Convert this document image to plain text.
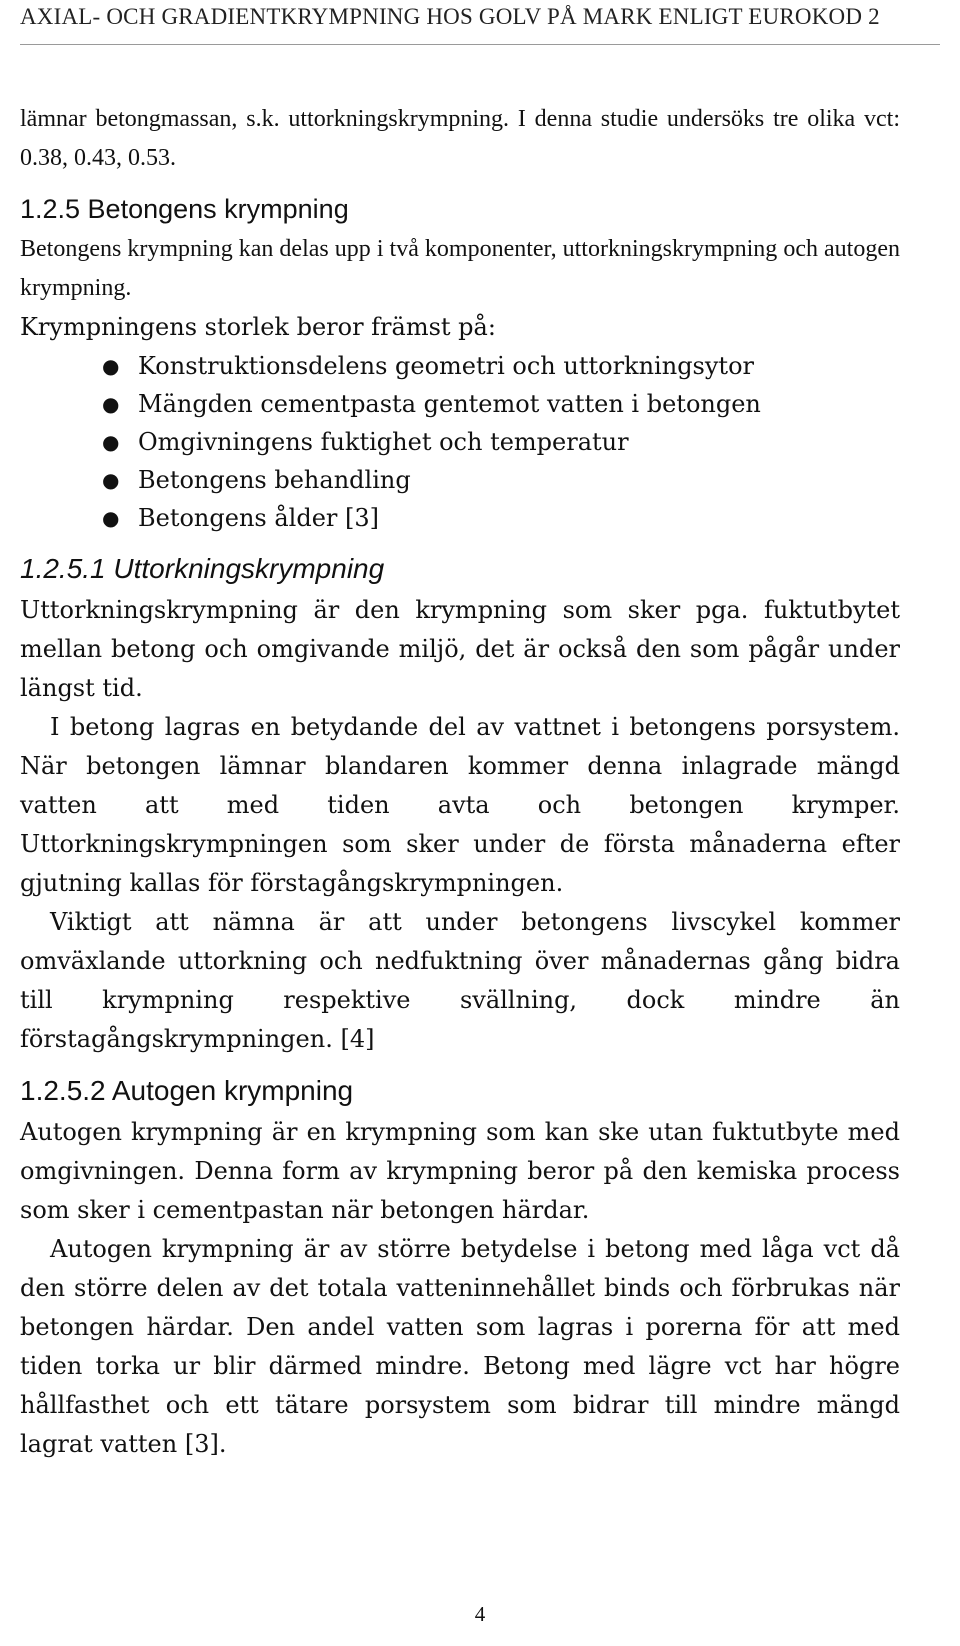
AXIAL- OCH GRADIENTKRYMPNING HOS GOLV PÅ MARK ENLIGT EUROKOD 2

lämnar betongmassan, s.k. uttorkningskrympning. I denna studie undersöks tre olika vct: 0.38, 0.43, 0.53.

1.2.5 Betongens krympning

Betongens krympning kan delas upp i två komponenter, uttorkningskrympning och autogen krympning.

Krympningens storlek beror främst på:

● Konstruktionsdelens geometri och uttorkningsytor
● Mängden cementpasta gentemot vatten i betongen
● Omgivningens fuktighet och temperatur
● Betongens behandling
● Betongens ålder [3]
1.2.5.1 Uttorkningskrympning

Uttorkningskrympning är den krympning som sker pga. fuktutbytet mellan betong och omgivande miljö, det är också den som pågår under längst tid.

I betong lagras en betydande del av vattnet i betongens porsystem. När betongen lämnar blandaren kommer denna inlagrade mängd vatten att med tiden avta och betongen krymper. Uttorkningskrympningen som sker under de första månaderna efter gjutning kallas för förstagångskrympningen.

Viktigt att nämna är att under betongens livscykel kommer omväxlande uttorkning och nedfuktning över månadernas gång bidra till krympning respektive svällning, dock mindre än förstagångskrympningen. [4]

1.2.5.2 Autogen krympning

Autogen krympning är en krympning som kan ske utan fuktutbyte med omgivningen. Denna form av krympning beror på den kemiska process som sker i cementpastan när betongen härdar.

Autogen krympning är av större betydelse i betong med låga vct då den större delen av det totala vatteninnehållet binds och förbrukas när betongen härdar. Den andel vatten som lagras i porerna för att med tiden torka ur blir därmed mindre. Betong med lägre vct har högre hållfasthet och ett tätare porsystem som bidrar till mindre mängd lagrat vatten [3].

4
